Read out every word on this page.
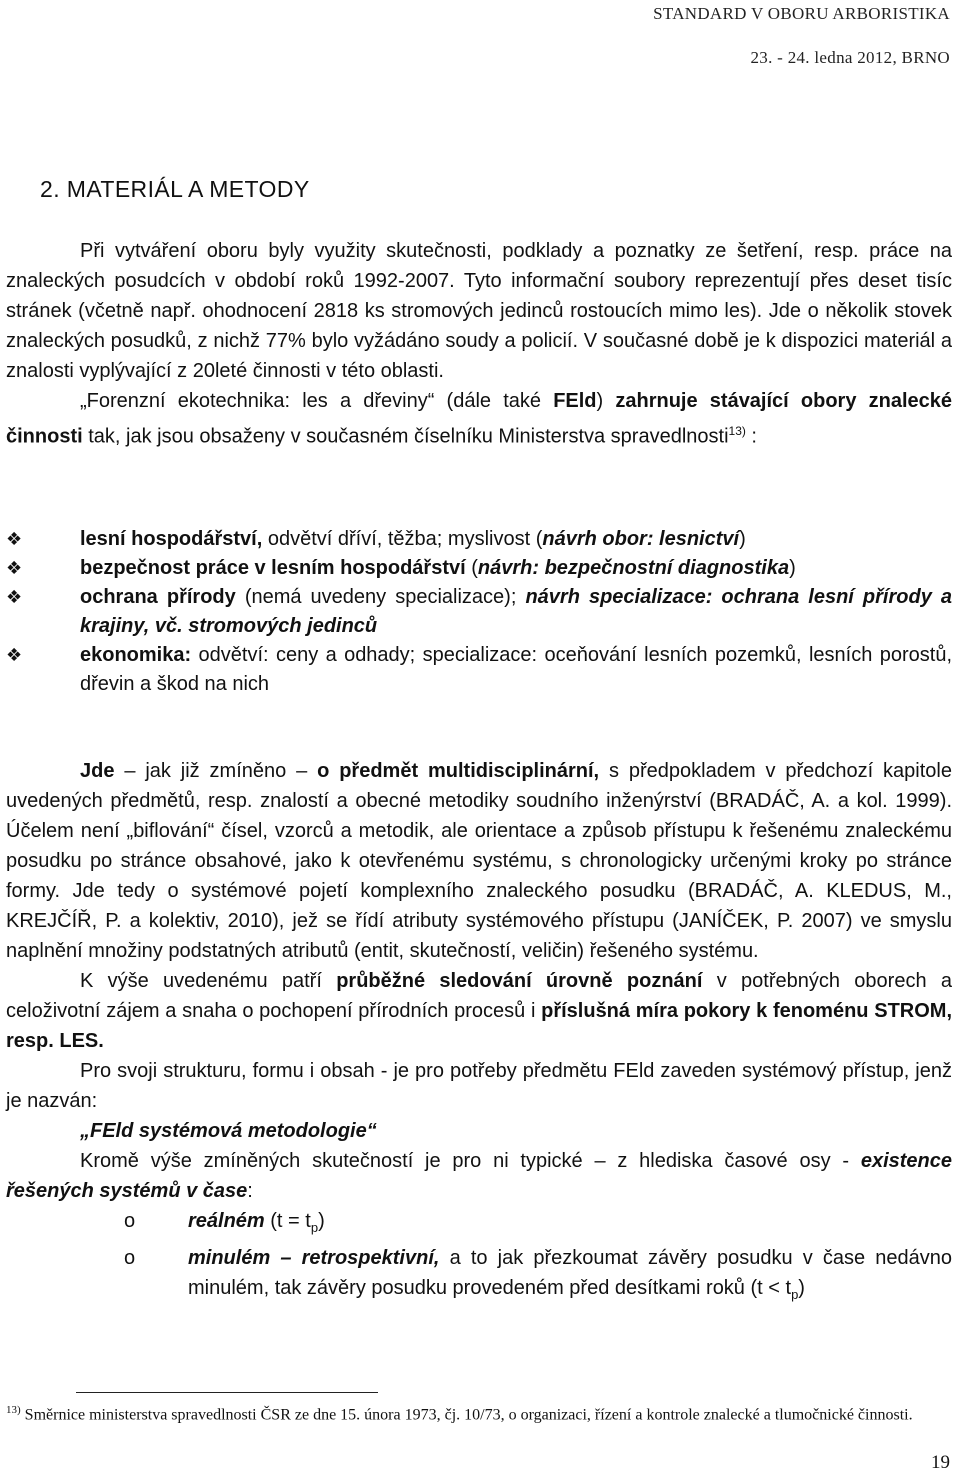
STANDARD V OBORU ARBORISTIKA
23. - 24. ledna 2012, BRNO
2. MATERIÁL A METODY

Při vytváření oboru byly využity skutečnosti, podklady a poznatky ze šetření, resp. práce na znaleckých posudcích v období roků 1992-2007. Tyto informační soubory reprezentují přes deset tisíc stránek (včetně např. ohodnocení 2818 ks stromových jedinců rostoucích mimo les). Jde o několik stovek znaleckých posudků, z nichž 77% bylo vyžádáno soudy a policií. V současné době je k dispozici materiál a znalosti vyplývající z 20leté činnosti v této oblasti.

„Forenzní ekotechnika: les a dřeviny“ (dále také FEld) zahrnuje stávající obory znalecké činnosti tak, jak jsou obsaženy v současném číselníku Ministerstva spravedlnosti$^{13)}$ :

❖	lesní hospodářství, odvětví dříví, těžba; myslivost (návrh obor: lesnictví)
❖	bezpečnost práce v lesním hospodářství (návrh: bezpečnostní diagnostika)
❖	ochrana přírody (nemá uvedeny specializace); návrh specializace: ochrana lesní přírody a krajiny, vč. stromových jedinců
❖	ekonomika: odvětví: ceny a odhady; specializace: oceňování lesních pozemků, lesních porostů, dřevin a škod na nich

Jde – jak již zmíněno – o předmět multidisciplinární, s předpokladem v předchozí kapitole uvedených předmětů, resp. znalostí a obecné metodiky soudního inženýrství (BRADÁČ, A. a kol. 1999). Účelem není „biflování“ čísel, vzorců a metodik, ale orientace a způsob přístupu k řešenému znaleckému posudku po stránce obsahové, jako k otevřenému systému, s chronologicky určenými kroky po stránce formy. Jde tedy o systémové pojetí komplexního znaleckého posudku (BRADÁČ, A. KLEDUS, M., KREJČÍŘ, P. a kolektiv, 2010), jež se řídí atributy systémového přístupu (JANÍČEK, P. 2007) ve smyslu naplnění množiny podstatných atributů (entit, skutečností, veličin) řešeného systému.

K výše uvedenému patří průběžné sledování úrovně poznání v potřebných oborech a celoživotní zájem a snaha o pochopení přírodních procesů i příslušná míra pokory k fenoménu STROM, resp. LES.

Pro svoji strukturu, formu i obsah - je pro potřeby předmětu FEld zaveden systémový přístup, jenž je nazván:

„FEld systémová metodologie“

Kromě výše zmíněných skutečností je pro ni typické – z hlediska časové osy - existence řešených systémů v čase:

o	reálném $(t = t_p)$
o	minulém – retrospektivní, a to jak přezkoumat závěry posudku v čase nedávno minulém, tak závěry posudku provedeném před desítkami roků $(t < t_p)$
$^{13)}$ Směrnice ministerstva spravedlnosti ČSR ze dne 15. února 1973, čj. 10/73, o organizaci, řízení a kontrole znalecké a tlumočnické činnosti.
19
